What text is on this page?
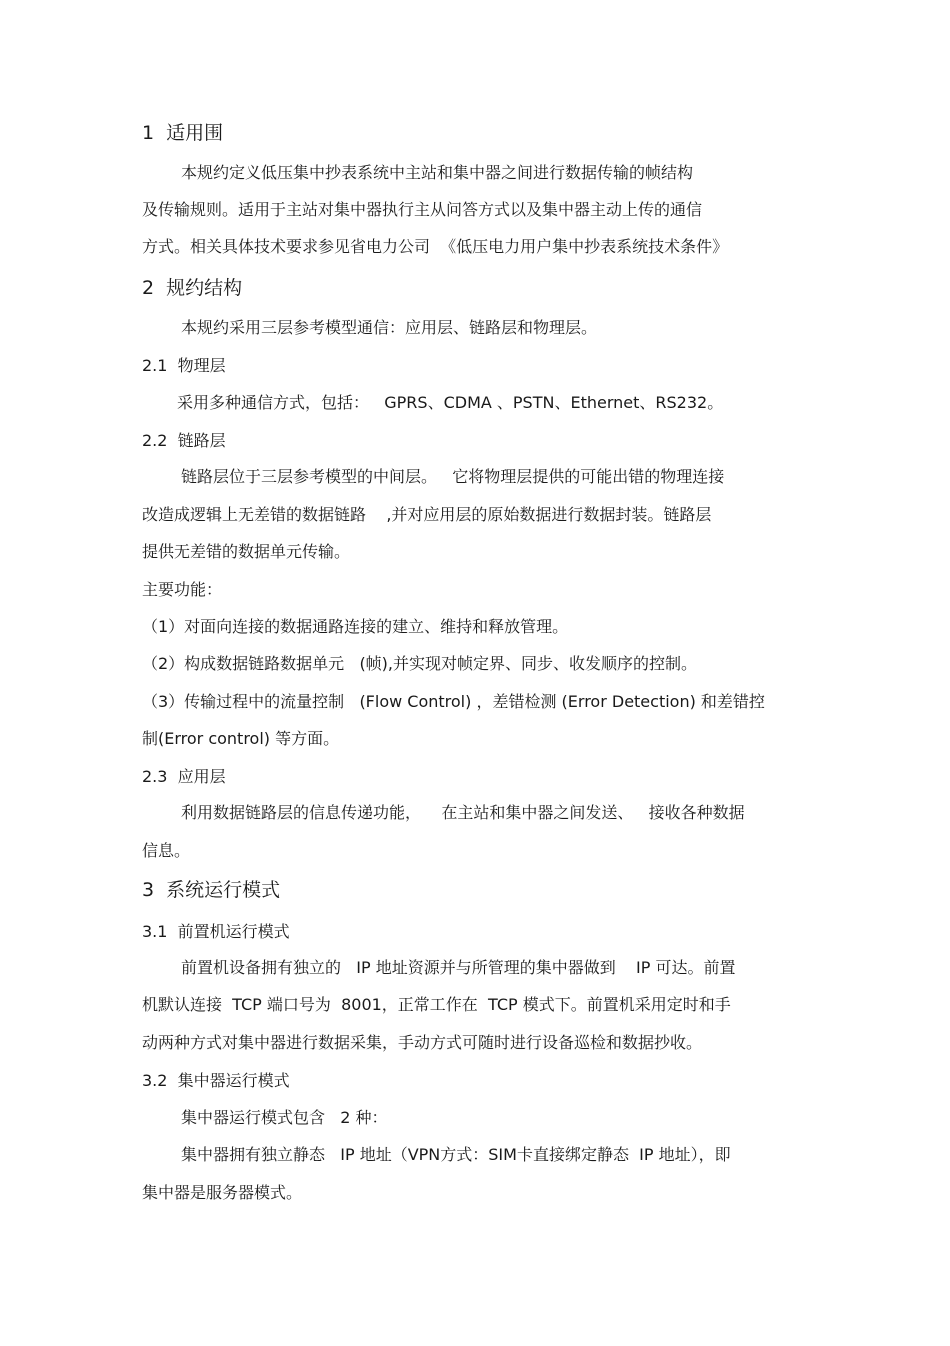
1  适用围
本规约定义低压集中抄表系统中主站和集中器之间进行数据传输的帧结构
及传输规则。适用于主站对集中器执行主从问答方式以及集中器主动上传的通信
方式。相关具体技术要求参见省电力公司  《低压电力用户集中抄表系统技术条件》
2  规约结构
本规约采用三层参考模型通信：应用层、链路层和物理层。
2.1  物理层
采用多种通信方式，包括：   GPRS、CDMA 、PSTN、Ethernet、RS232。
2.2  链路层
链路层位于三层参考模型的中间层。   它将物理层提供的可能出错的物理连接
改造成逻辑上无差错的数据链路    ,并对应用层的原始数据进行数据封装。链路层
提供无差错的数据单元传输。
主要功能：
（1）对面向连接的数据通路连接的建立、维持和释放管理。
（2）构成数据链路数据单元   (帧),并实现对帧定界、同步、收发顺序的控制。
（3）传输过程中的流量控制   (Flow Control) ，差错检测 (Error Detection) 和差错控
制(Error control) 等方面。
2.3  应用层
利用数据链路层的信息传递功能，    在主站和集中器之间发送、   接收各种数据
信息。
3  系统运行模式
3.1  前置机运行模式
前置机设备拥有独立的   IP 地址资源并与所管理的集中器做到    IP 可达。前置
机默认连接  TCP 端口号为  8001，正常工作在  TCP 模式下。前置机采用定时和手
动两种方式对集中器进行数据采集，手动方式可随时进行设备巡检和数据抄收。
3.2  集中器运行模式
集中器运行模式包含   2 种：
集中器拥有独立静态   IP 地址（VPN方式：SIM卡直接绑定静态  IP 地址），即
集中器是服务器模式。
